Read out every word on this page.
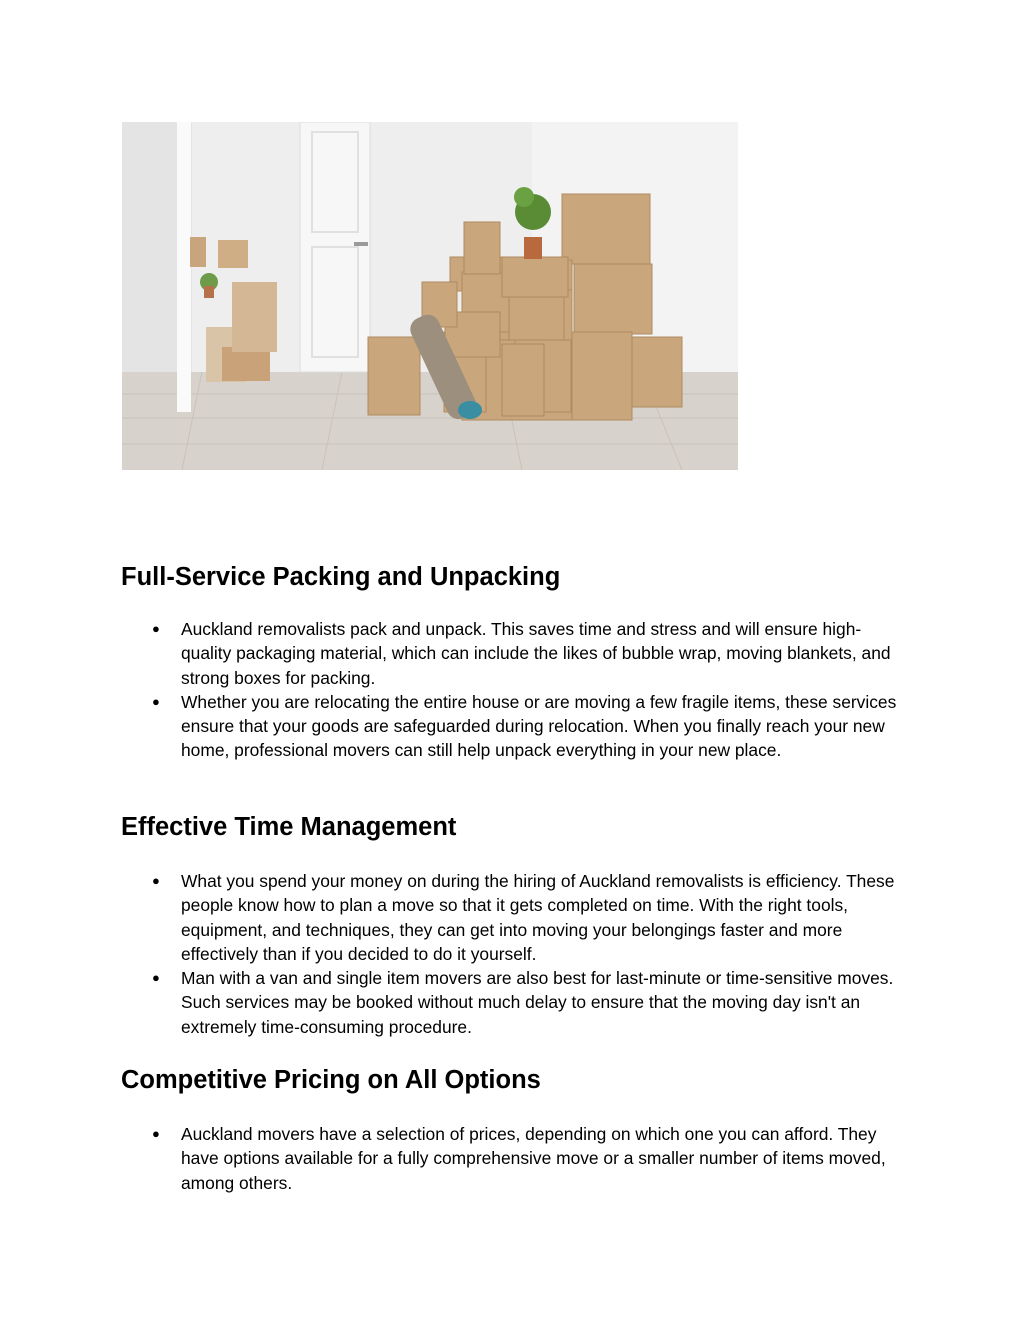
Full-Service Packing and Unpacking
● Auckland removalists pack and unpack. This saves time and stress and will ensure high-quality packaging material, which can include the likes of bubble wrap, moving blankets, and strong boxes for packing.
● Whether you are relocating the entire house or are moving a few fragile items, these services ensure that your goods are safeguarded during relocation. When you finally reach your new home, professional movers can still help unpack everything in your new place.
Effective Time Management
● What you spend your money on during the hiring of Auckland removalists is efficiency. These people know how to plan a move so that it gets completed on time. With the right tools, equipment, and techniques, they can get into moving your belongings faster and more effectively than if you decided to do it yourself.
● Man with a van and single item movers are also best for last-minute or time-sensitive moves. Such services may be booked without much delay to ensure that the moving day isn't an extremely time-consuming procedure.
Competitive Pricing on All Options
● Auckland movers have a selection of prices, depending on which one you can afford. They have options available for a fully comprehensive move or a smaller number of items moved, among others.
